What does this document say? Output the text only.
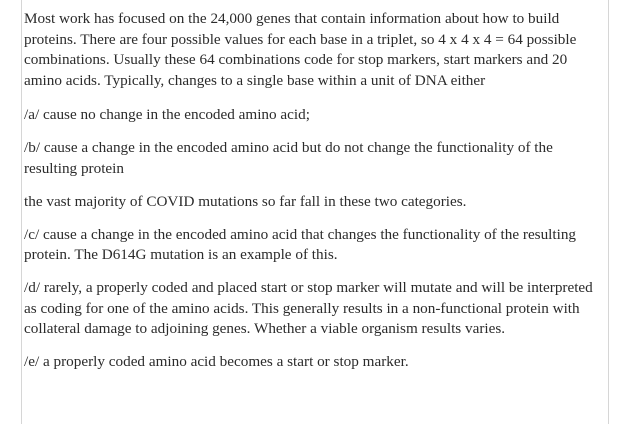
Most work has focused on the 24,000 genes that contain information about how to build proteins. There are four possible values for each base in a triplet, so 4 x 4 x 4 = 64 possible combinations. Usually these 64 combinations code for stop markers, start markers and 20 amino acids. Typically, changes to a single base within a unit of DNA either

/a/ cause no change in the encoded amino acid;

/b/ cause a change in the encoded amino acid but do not change the functionality of the resulting protein

the vast majority of COVID mutations so far fall in these two categories.

/c/ cause a change in the encoded amino acid that changes the functionality of the resulting protein. The D614G mutation is an example of this.

/d/ rarely, a properly coded and placed start or stop marker will mutate and will be interpreted as coding for one of the amino acids. This generally results in a non-functional protein with collateral damage to adjoining genes. Whether a viable organism results varies.

/e/ a properly coded amino acid becomes a start or stop marker.
